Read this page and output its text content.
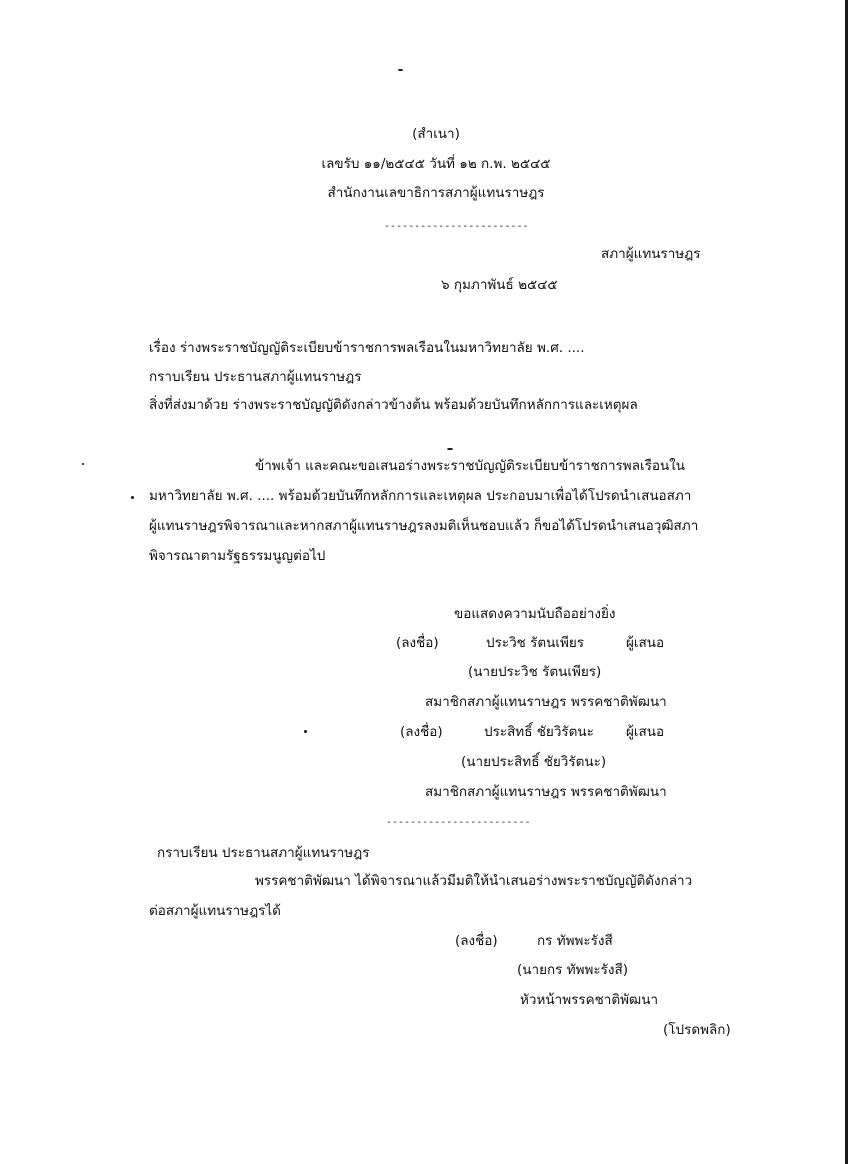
(สำเนา)
เลขรับ ๑๑/๒๕๔๕ วันที่ ๑๒ ก.พ. ๒๕๔๕
สำนักงานเลขาธิการสภาผู้แทนราษฎร
------------------------
สภาผู้แทนราษฎร
๖ กุมภาพันธ์ ๒๕๔๕
เรื่อง ร่างพระราชบัญญัติระเบียบข้าราชการพลเรือนในมหาวิทยาลัย พ.ศ. ....
กราบเรียน ประธานสภาผู้แทนราษฎร
สิ่งที่ส่งมาด้วย ร่างพระราชบัญญัติดังกล่าวข้างต้น พร้อมด้วยบันทึกหลักการและเหตุผล
ข้าพเจ้า และคณะขอเสนอร่างพระราชบัญญัติระเบียบข้าราชการพลเรือนใน
มหาวิทยาลัย พ.ศ. .... พร้อมด้วยบันทึกหลักการและเหตุผล ประกอบมาเพื่อได้โปรดนำเสนอสภา
ผู้แทนราษฎรพิจารณาและหากสภาผู้แทนราษฎรลงมติเห็นชอบแล้ว ก็ขอได้โปรดนำเสนอวุฒิสภา
พิจารณาตามรัฐธรรมนูญต่อไป
ขอแสดงความนับถืออย่างยิ่ง
(ลงชื่อ)	ประวิช รัตนเพียร	ผู้เสนอ
(นายประวิช รัตนเพียร)
สมาชิกสภาผู้แทนราษฎร พรรคชาติพัฒนา
(ลงชื่อ)	ประสิทธิ์ ชัยวิรัตนะ ผู้เสนอ
(นายประสิทธิ์ ชัยวิรัตนะ)
สมาชิกสภาผู้แทนราษฎร พรรคชาติพัฒนา
------------------------
กราบเรียน ประธานสภาผู้แทนราษฎร
พรรคชาติพัฒนา ได้พิจารณาแล้วมีมติให้นำเสนอร่างพระราชบัญญัติดังกล่าว
ต่อสภาผู้แทนราษฎรได้
(ลงชื่อ)	กร ทัพพะรังสี
(นายกร ทัพพะรังสี)
หัวหน้าพรรคชาติพัฒนา
(โปรดพลิก)
